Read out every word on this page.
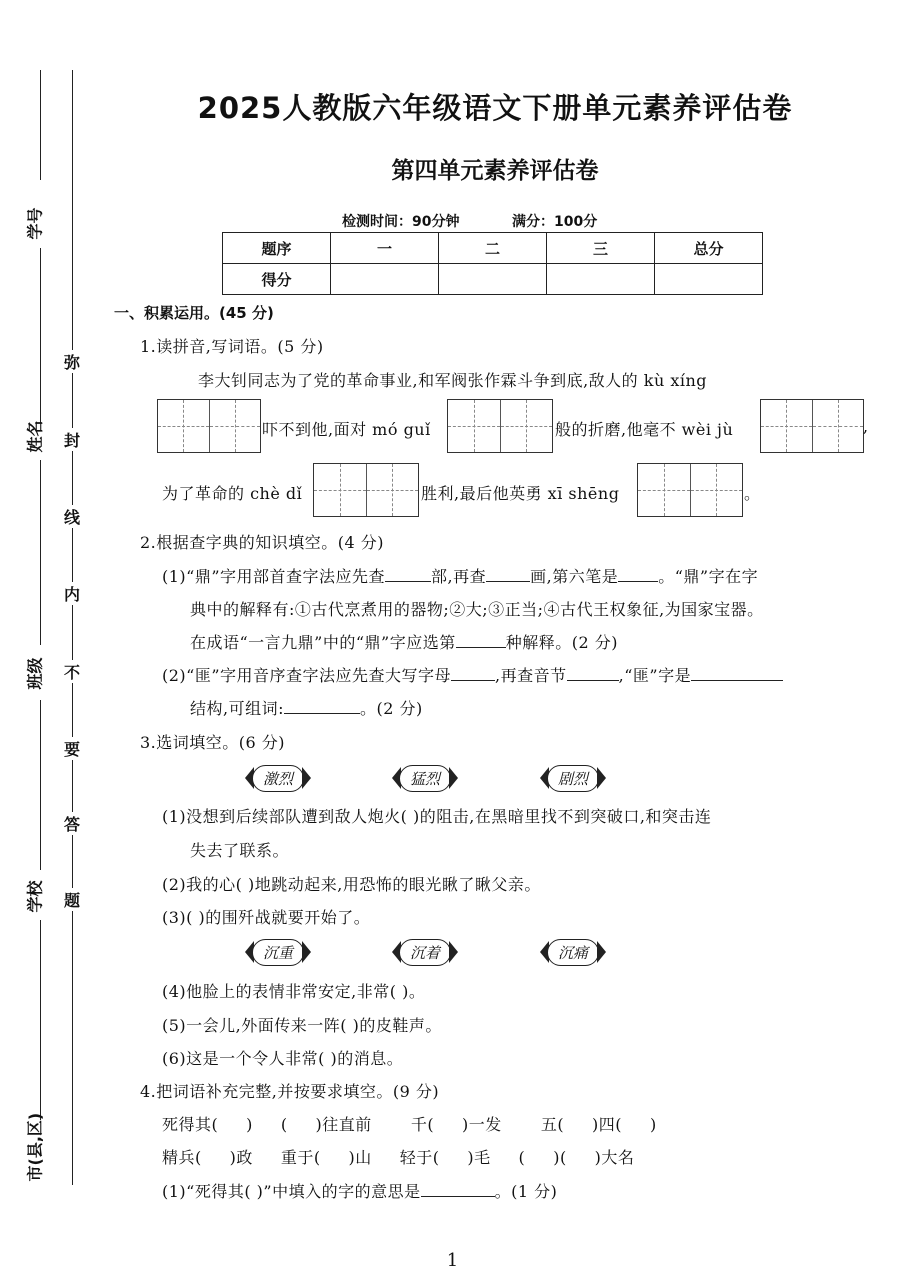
学号
姓名
班级
学校
市(县,区)
弥
封
线
内
不
要
答
题
2025人教版六年级语文下册单元素养评估卷
第四单元素养评估卷
检测时间：90分钟	满分：100分
题序	一	二	三	总分
得分				
一、积累运用。(45 分)
1.读拼音,写词语。(5 分)
李大钊同志为了党的革命事业,和军阀张作霖斗争到底,敌人的 kù xíng
吓不到他,面对 mó guǐ	般的折磨,他毫不 wèi jù	,
为了革命的 chè dǐ	胜利,最后他英勇 xī shēng	。
2.根据查字典的知识填空。(4 分)
(1)“鼎”字用部首查字法应先查	部,再查	画,第六笔是	。“鼎”字在字
典中的解释有:①古代烹煮用的器物;②大;③正当;④古代王权象征,为国家宝器。
在成语“一言九鼎”中的“鼎”字应选第	种解释。(2 分)
(2)“匪”字用音序查字法应先查大写字母	,再查音节	,“匪”字是
结构,可组词:	。(2 分)
3.选词填空。(6 分)
激烈	猛烈	剧烈
(1)没想到后续部队遭到敌人炮火( )的阻击,在黑暗里找不到突破口,和突击连
失去了联系。
(2)我的心( )地跳动起来,用恐怖的眼光瞅了瞅父亲。
(3)( )的围歼战就要开始了。
沉重	沉着	沉痛
(4)他脸上的表情非常安定,非常( )。
(5)一会儿,外面传来一阵( )的皮鞋声。
(6)这是一个令人非常( )的消息。
4.把词语补充完整,并按要求填空。(9 分)
死得其(     )     (     )往直前       千(     )一发       五(     )四(     )
精兵(     )政     重于(     )山     轻于(     )毛     (     )(     )大名
(1)“死得其( )”中填入的字的意思是	。(1 分)
1
